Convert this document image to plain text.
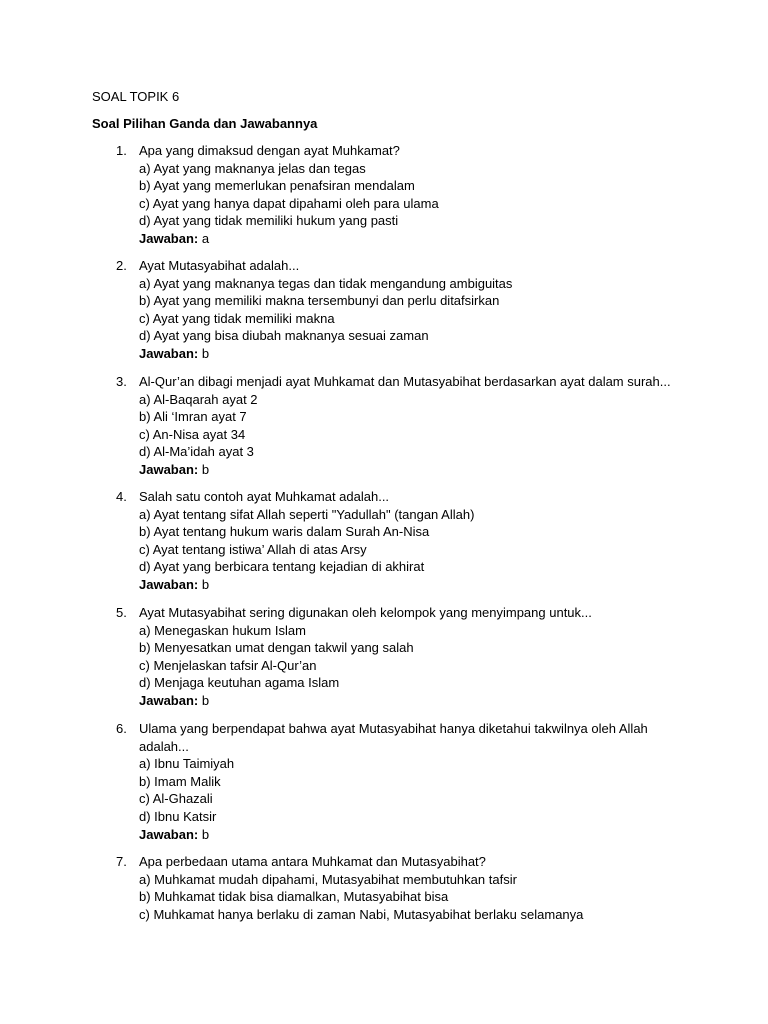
SOAL TOPIK 6
Soal Pilihan Ganda dan Jawabannya
1. Apa yang dimaksud dengan ayat Muhkamat?
a) Ayat yang maknanya jelas dan tegas
b) Ayat yang memerlukan penafsiran mendalam
c) Ayat yang hanya dapat dipahami oleh para ulama
d) Ayat yang tidak memiliki hukum yang pasti
Jawaban: a
2. Ayat Mutasyabihat adalah...
a) Ayat yang maknanya tegas dan tidak mengandung ambiguitas
b) Ayat yang memiliki makna tersembunyi dan perlu ditafsirkan
c) Ayat yang tidak memiliki makna
d) Ayat yang bisa diubah maknanya sesuai zaman
Jawaban: b
3. Al-Qur’an dibagi menjadi ayat Muhkamat dan Mutasyabihat berdasarkan ayat dalam surah...
a) Al-Baqarah ayat 2
b) Ali ‘Imran ayat 7
c) An-Nisa ayat 34
d) Al-Ma’idah ayat 3
Jawaban: b
4. Salah satu contoh ayat Muhkamat adalah...
a) Ayat tentang sifat Allah seperti "Yadullah" (tangan Allah)
b) Ayat tentang hukum waris dalam Surah An-Nisa
c) Ayat tentang istiwa’ Allah di atas Arsy
d) Ayat yang berbicara tentang kejadian di akhirat
Jawaban: b
5. Ayat Mutasyabihat sering digunakan oleh kelompok yang menyimpang untuk...
a) Menegaskan hukum Islam
b) Menyesatkan umat dengan takwil yang salah
c) Menjelaskan tafsir Al-Qur’an
d) Menjaga keutuhan agama Islam
Jawaban: b
6. Ulama yang berpendapat bahwa ayat Mutasyabihat hanya diketahui takwilnya oleh Allah adalah...
a) Ibnu Taimiyah
b) Imam Malik
c) Al-Ghazali
d) Ibnu Katsir
Jawaban: b
7. Apa perbedaan utama antara Muhkamat dan Mutasyabihat?
a) Muhkamat mudah dipahami, Mutasyabihat membutuhkan tafsir
b) Muhkamat tidak bisa diamalkan, Mutasyabihat bisa
c) Muhkamat hanya berlaku di zaman Nabi, Mutasyabihat berlaku selamanya
